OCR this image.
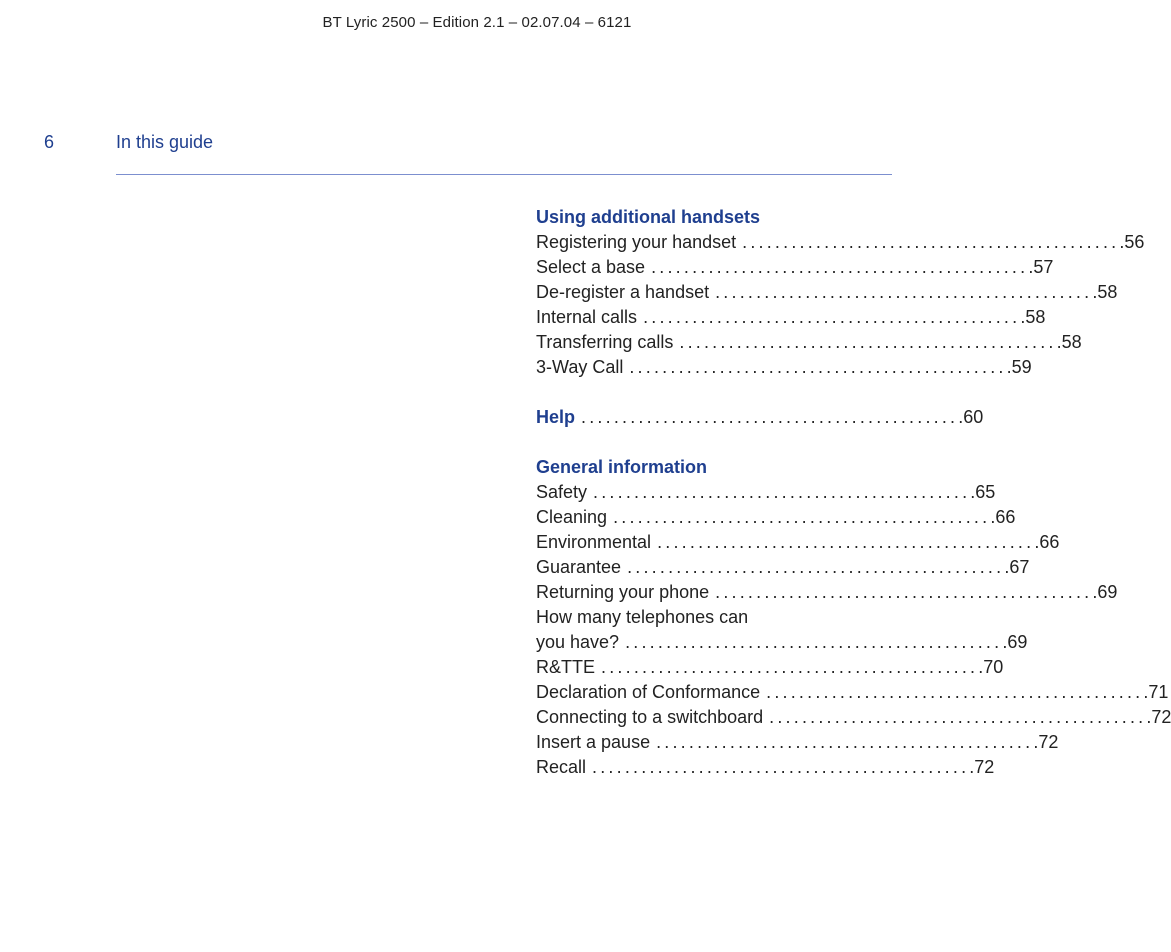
BT Lyric 2500 – Edition 2.1 – 02.07.04 – 6121
6	In this guide
Using additional handsets
Registering your handset .............................................. .56
Select a base .............................................. .57
De-register a handset .............................................. .58
Internal calls .............................................. .58
Transferring calls .............................................. .58
3-Way Call .............................................. .59
Help .............................................. .60
General information
Safety .............................................. .65
Cleaning .............................................. .66
Environmental .............................................. .66
Guarantee .............................................. .67
Returning your phone .............................................. .69
How many telephones can
you have? .............................................. .69
R&TTE .............................................. .70
Declaration of Conformance .............................................. .71
Connecting to a switchboard .............................................. .72
Insert a pause .............................................. .72
Recall .............................................. .72
